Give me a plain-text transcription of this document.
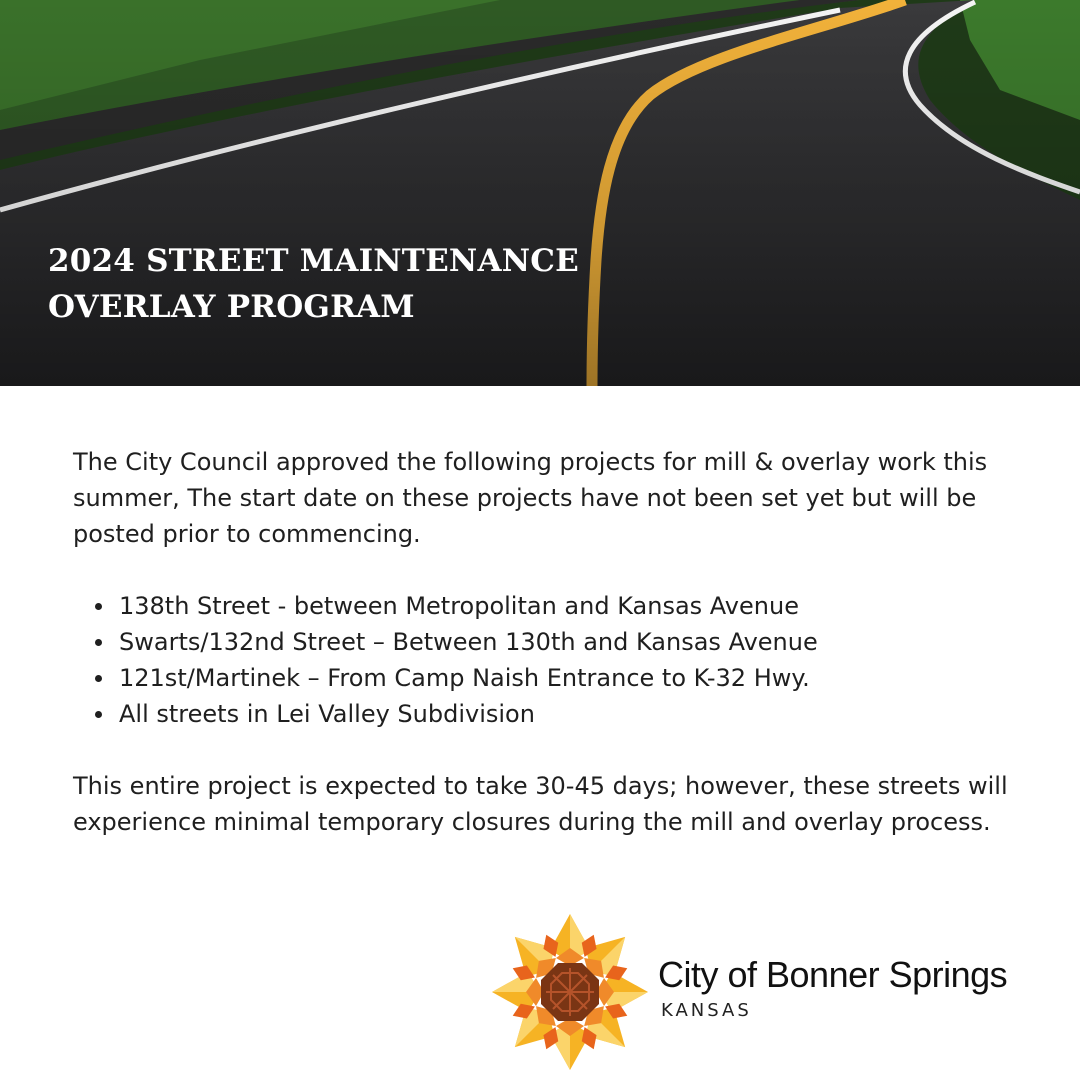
2024 STREET MAINTENANCE
OVERLAY PROGRAM

The City Council approved the following projects for mill & overlay work this summer, The start date on these projects have not been set yet but will be posted prior to commencing.

138th Street - between Metropolitan and Kansas Avenue
Swarts/132nd Street – Between 130th and Kansas Avenue
121st/Martinek – From Camp Naish Entrance to K-32 Hwy.
All streets in Lei Valley Subdivision

This entire project is expected to take 30-45 days; however, these streets will experience minimal temporary closures during the mill and overlay process.

City of Bonner Springs
KANSAS
